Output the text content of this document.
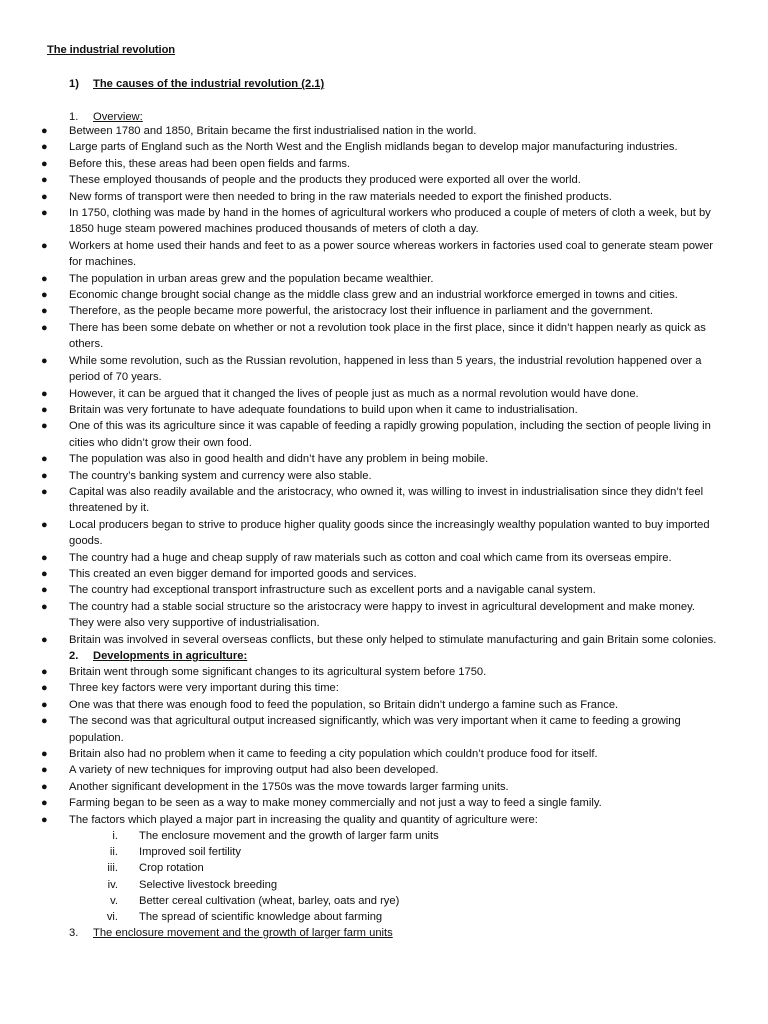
The industrial revolution
1) The causes of the industrial revolution (2.1)
1. Overview:
● Between 1780 and 1850, Britain became the first industrialised nation in the world.
● Large parts of England such as the North West and the English midlands began to develop major manufacturing industries.
● Before this, these areas had been open fields and farms.
● These employed thousands of people and the products they produced were exported all over the world.
● New forms of transport were then needed to bring in the raw materials needed to export the finished products.
● In 1750, clothing was made by hand in the homes of agricultural workers who produced a couple of meters of cloth a week, but by 1850 huge steam powered machines produced thousands of meters of cloth a day.
● Workers at home used their hands and feet to as a power source whereas workers in factories used coal to generate steam power for machines.
● The population in urban areas grew and the population became wealthier.
● Economic change brought social change as the middle class grew and an industrial workforce emerged in towns and cities.
● Therefore, as the people became more powerful, the aristocracy lost their influence in parliament and the government.
● There has been some debate on whether or not a revolution took place in the first place, since it didn’t happen nearly as quick as others.
● While some revolution, such as the Russian revolution, happened in less than 5 years, the industrial revolution happened over a period of 70 years.
● However, it can be argued that it changed the lives of people just as much as a normal revolution would have done.
● Britain was very fortunate to have adequate foundations to build upon when it came to industrialisation.
● One of this was its agriculture since it was capable of feeding a rapidly growing population, including the section of people living in cities who didn’t grow their own food.
● The population was also in good health and didn’t have any problem in being mobile.
● The country’s banking system and currency were also stable.
● Capital was also readily available and the aristocracy, who owned it, was willing to invest in industrialisation since they didn’t feel threatened by it.
● Local producers began to strive to produce higher quality goods since the increasingly wealthy population wanted to buy imported goods.
● The country had a huge and cheap supply of raw materials such as cotton and coal which came from its overseas empire.
● This created an even bigger demand for imported goods and services.
● The country had exceptional transport infrastructure such as excellent ports and a navigable canal system.
● The country had a stable social structure so the aristocracy were happy to invest in agricultural development and make money. They were also very supportive of industrialisation.
● Britain was involved in several overseas conflicts, but these only helped to stimulate manufacturing and gain Britain some colonies.
2. Developments in agriculture:
● Britain went through some significant changes to its agricultural system before 1750.
● Three key factors were very important during this time:
● One was that there was enough food to feed the population, so Britain didn’t undergo a famine such as France.
● The second was that agricultural output increased significantly, which was very important when it came to feeding a growing population.
● Britain also had no problem when it came to feeding a city population which couldn’t produce food for itself.
● A variety of new techniques for improving output had also been developed.
● Another significant development in the 1750s was the move towards larger farming units.
● Farming began to be seen as a way to make money commercially and not just a way to feed a single family.
● The factors which played a major part in increasing the quality and quantity of agriculture were:
i. The enclosure movement and the growth of larger farm units
ii. Improved soil fertility
iii. Crop rotation
iv. Selective livestock breeding
v. Better cereal cultivation (wheat, barley, oats and rye)
vi. The spread of scientific knowledge about farming
3. The enclosure movement and the growth of larger farm units
